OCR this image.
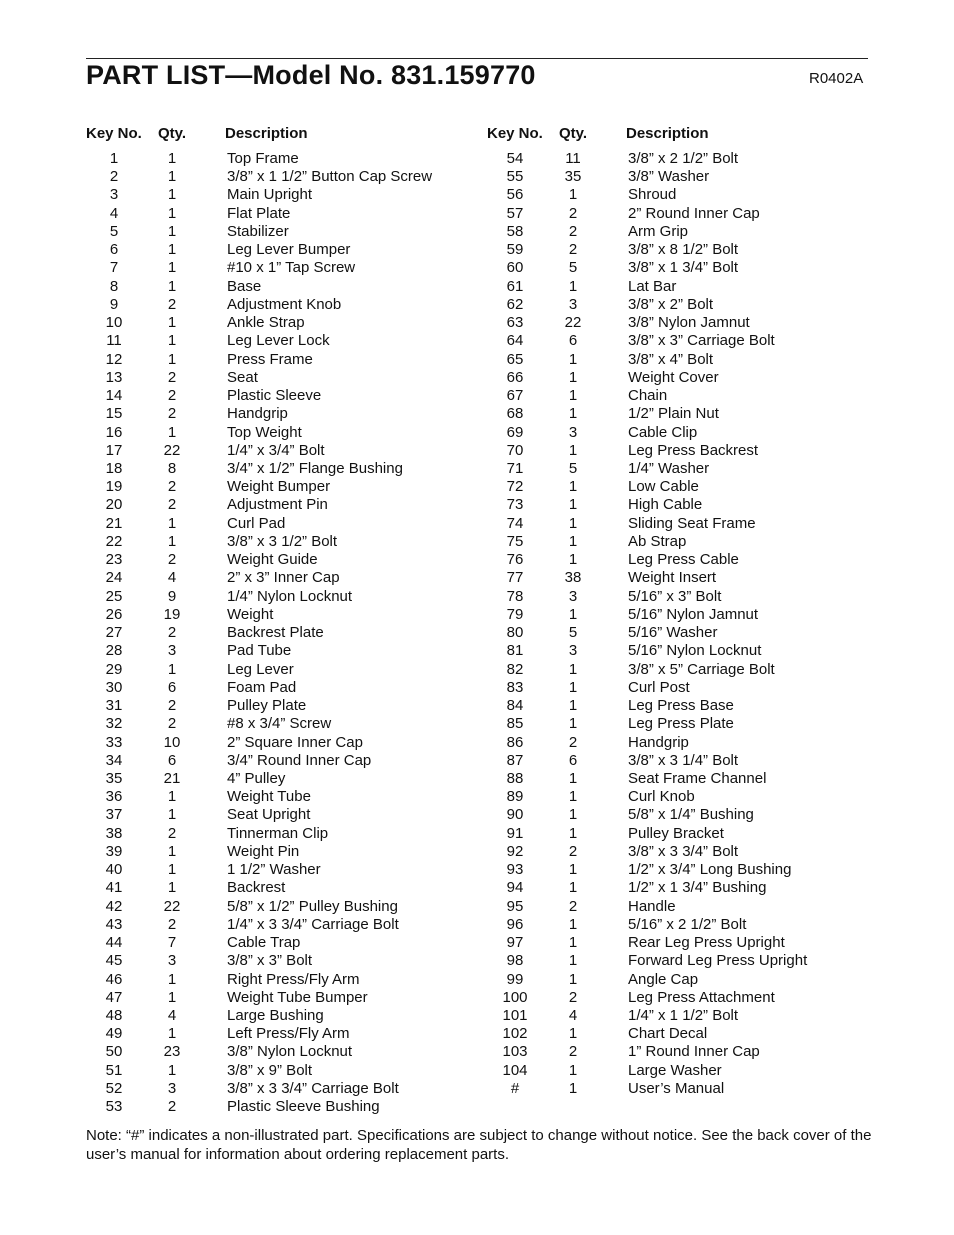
PART LIST—Model No. 831.159770	R0402A
Key No. Qty.	Description
1	1	Top Frame
2	1	3/8” x 1 1/2” Button Cap Screw
3	1	Main Upright
4	1	Flat Plate
5	1	Stabilizer
6	1	Leg Lever Bumper
7	1	#10 x 1” Tap Screw
8	1	Base
9	2	Adjustment Knob
10	1	Ankle Strap
11	1	Leg Lever Lock
12	1	Press Frame
13	2	Seat
14	2	Plastic Sleeve
15	2	Handgrip
16	1	Top Weight
17	22	1/4” x 3/4” Bolt
18	8	3/4” x 1/2” Flange Bushing
19	2	Weight Bumper
20	2	Adjustment Pin
21	1	Curl Pad
22	1	3/8” x 3 1/2” Bolt
23	2	Weight Guide
24	4	2” x 3” Inner Cap
25	9	1/4” Nylon Locknut
26	19	Weight
27	2	Backrest Plate
28	3	Pad Tube
29	1	Leg Lever
30	6	Foam Pad
31	2	Pulley Plate
32	2	#8 x 3/4” Screw
33	10	2” Square Inner Cap
34	6	3/4” Round Inner Cap
35	21	4” Pulley
36	1	Weight Tube
37	1	Seat Upright
38	2	Tinnerman Clip
39	1	Weight Pin
40	1	1 1/2” Washer
41	1	Backrest
42	22	5/8” x 1/2” Pulley Bushing
43	2	1/4” x 3 3/4” Carriage Bolt
44	7	Cable Trap
45	3	3/8” x 3” Bolt
46	1	Right Press/Fly Arm
47	1	Weight Tube Bumper
48	4	Large Bushing
49	1	Left Press/Fly Arm
50	23	3/8” Nylon Locknut
51	1	3/8” x 9” Bolt
52	3	3/8” x 3 3/4” Carriage Bolt
53	2	Plastic Sleeve Bushing
Key No. Qty.	Description
54	11	3/8” x 2 1/2” Bolt
55	35	3/8” Washer
56	1	Shroud
57	2	2” Round Inner Cap
58	2	Arm Grip
59	2	3/8” x 8 1/2” Bolt
60	5	3/8” x 1 3/4” Bolt
61	1	Lat Bar
62	3	3/8” x 2” Bolt
63	22	3/8” Nylon Jamnut
64	6	3/8” x 3” Carriage Bolt
65	1	3/8” x 4” Bolt
66	1	Weight Cover
67	1	Chain
68	1	1/2” Plain Nut
69	3	Cable Clip
70	1	Leg Press Backrest
71	5	1/4” Washer
72	1	Low Cable
73	1	High Cable
74	1	Sliding Seat Frame
75	1	Ab Strap
76	1	Leg Press Cable
77	38	Weight Insert
78	3	5/16” x 3” Bolt
79	1	5/16” Nylon Jamnut
80	5	5/16” Washer
81	3	5/16” Nylon Locknut
82	1	3/8” x 5” Carriage Bolt
83	1	Curl Post
84	1	Leg Press Base
85	1	Leg Press Plate
86	2	Handgrip
87	6	3/8” x 3 1/4” Bolt
88	1	Seat Frame Channel
89	1	Curl Knob
90	1	5/8” x 1/4” Bushing
91	1	Pulley Bracket
92	2	3/8” x 3 3/4” Bolt
93	1	1/2” x 3/4” Long Bushing
94	1	1/2” x 1 3/4” Bushing
95	2	Handle
96	1	5/16” x 2 1/2” Bolt
97	1	Rear Leg Press Upright
98	1	Forward Leg Press Upright
99	1	Angle Cap
100	2	Leg Press Attachment
101	4	1/4” x 1 1/2” Bolt
102	1	Chart Decal
103	2	1” Round Inner Cap
104	1	Large Washer
#	1	User’s Manual
Note: “#” indicates a non-illustrated part. Specifications are subject to change without notice. See the back cover of the user’s manual for information about ordering replacement parts.
